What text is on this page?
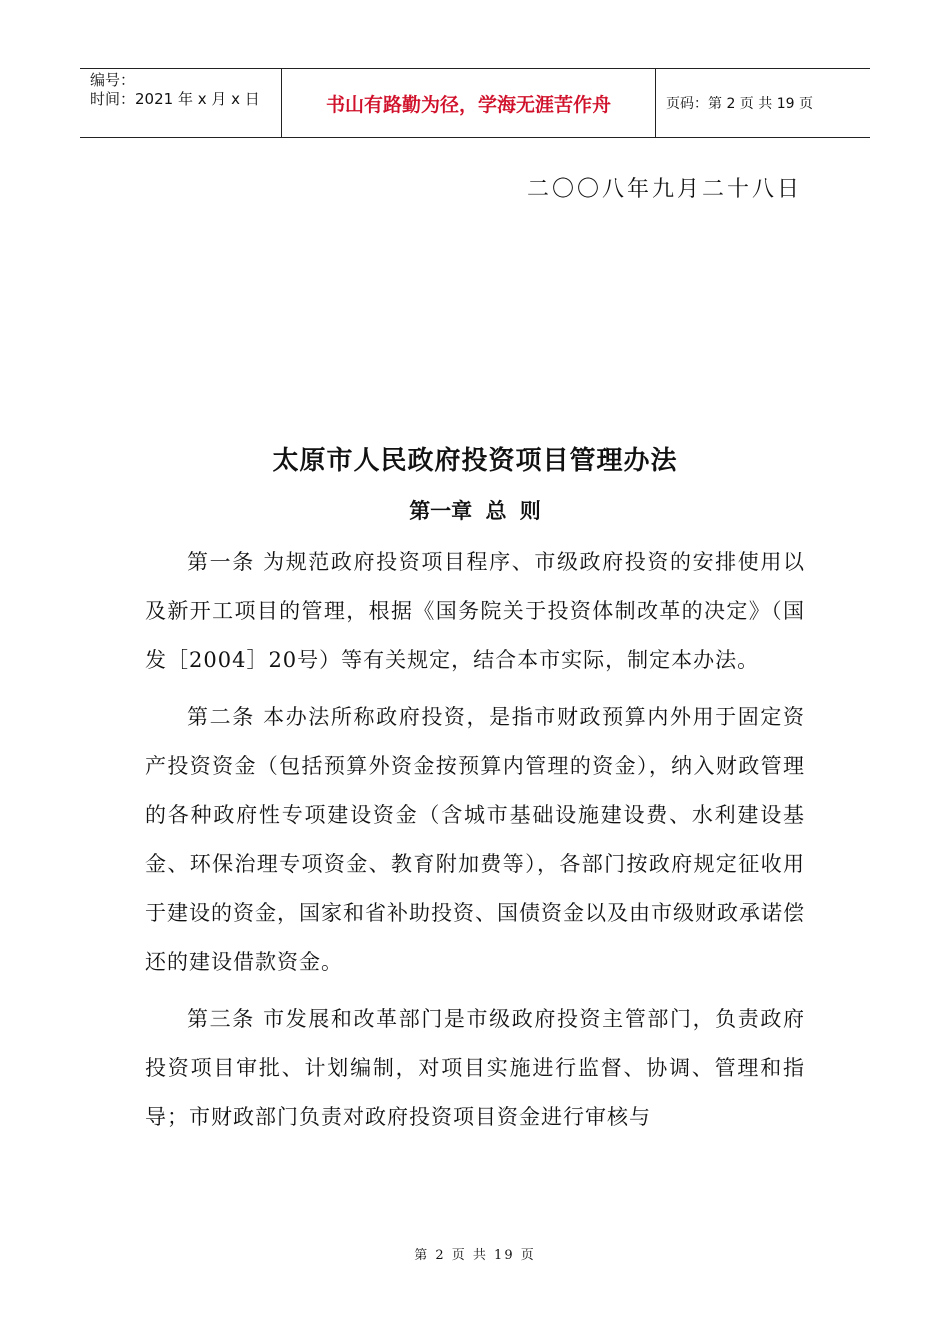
编号：
时间：2021 年 x 月 x 日	书山有路勤为径，学海无涯苦作舟	页码：第 2 页 共 19 页
二〇〇八年九月二十八日
太原市人民政府投资项目管理办法
第一章 总 则

第一条 为规范政府投资项目程序、市级政府投资的安排使用以及新开工项目的管理，根据《国务院关于投资体制改革的决定》（国发［2004］20号）等有关规定，结合本市实际，制定本办法。

第二条 本办法所称政府投资，是指市财政预算内外用于固定资产投资资金（包括预算外资金按预算内管理的资金），纳入财政管理的各种政府性专项建设资金（含城市基础设施建设费、水利建设基金、环保治理专项资金、教育附加费等），各部门按政府规定征收用于建设的资金，国家和省补助投资、国债资金以及由市级财政承诺偿还的建设借款资金。

第三条 市发展和改革部门是市级政府投资主管部门，负责政府投资项目审批、计划编制，对项目实施进行监督、协调、管理和指导；市财政部门负责对政府投资项目资金进行审核与

第 2 页 共 19 页
